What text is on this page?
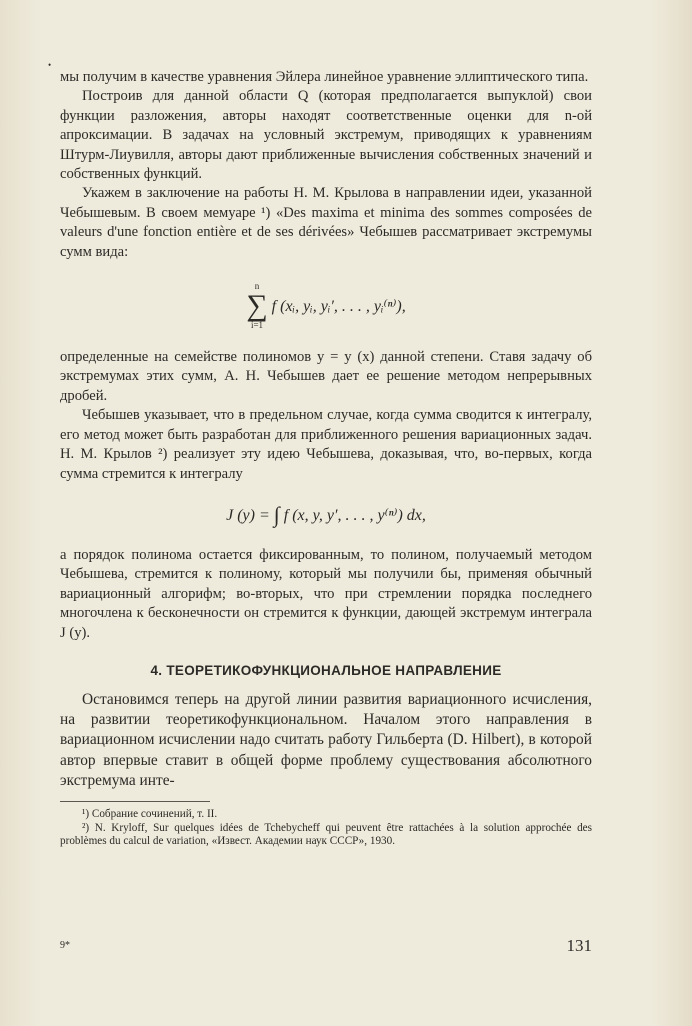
•

мы получим в качестве уравнения Эйлера линейное уравнение эллиптического типа.

Построив для данной области Q (которая предполагается выпуклой) свои функции разложения, авторы находят соответственные оценки для n-ой апроксимации. В задачах на условный экстремум, приводящих к уравнениям Штурм-Лиувилля, авторы дают приближенные вычисления собственных значений и собственных функций.

Укажем в заключение на работы Н. М. Крылова в направлении идеи, указанной Чебышевым. В своем мемуаре ¹) «Des maxima et minima des sommes composées de valeurs d'une fonction entière et de ses dérivées» Чебышев рассматривает экстремумы сумм вида:

n
∑
i=1
f (xᵢ, yᵢ, yᵢ′, . . . , yᵢ⁽ⁿ⁾),

определенные на семействе полиномов y = y (x) данной степени. Ставя задачу об экстремумах этих сумм, А. Н. Чебышев дает ее решение методом непрерывных дробей.

Чебышев указывает, что в предельном случае, когда сумма сводится к интегралу, его метод может быть разработан для приближенного решения вариационных задач. Н. М. Крылов ²) реализует эту идею Чебышева, доказывая, что, во-первых, когда сумма стремится к интегралу

J (y) = ∫ f (x, y, y′, . . . , y⁽ⁿ⁾) dx,

а порядок полинома остается фиксированным, то полином, получаемый методом Чебышева, стремится к полиному, который мы получили бы, применяя обычный вариационный алгорифм; во-вторых, что при стремлении порядка последнего многочлена к бесконечности он стремится к функции, дающей экстремум интеграла J (y).

4. ТЕОРЕТИКОФУНКЦИОНАЛЬНОЕ НАПРАВЛЕНИЕ

Остановимся теперь на другой линии развития вариационного исчисления, на развитии теоретикофункциональном. Началом этого направления в вариационном исчислении надо считать работу Гильберта (D. Hilbert), в которой автор впервые ставит в общей форме проблему существования абсолютного экстремума инте-

¹) Собрание сочинений, т. II.

²) N. Kryloff, Sur quelques idées de Tchebycheff qui peuvent être rattachées à la solution approchée des problèmes du calcul de variation, «Извест. Академии наук СССР», 1930.

9*	131
